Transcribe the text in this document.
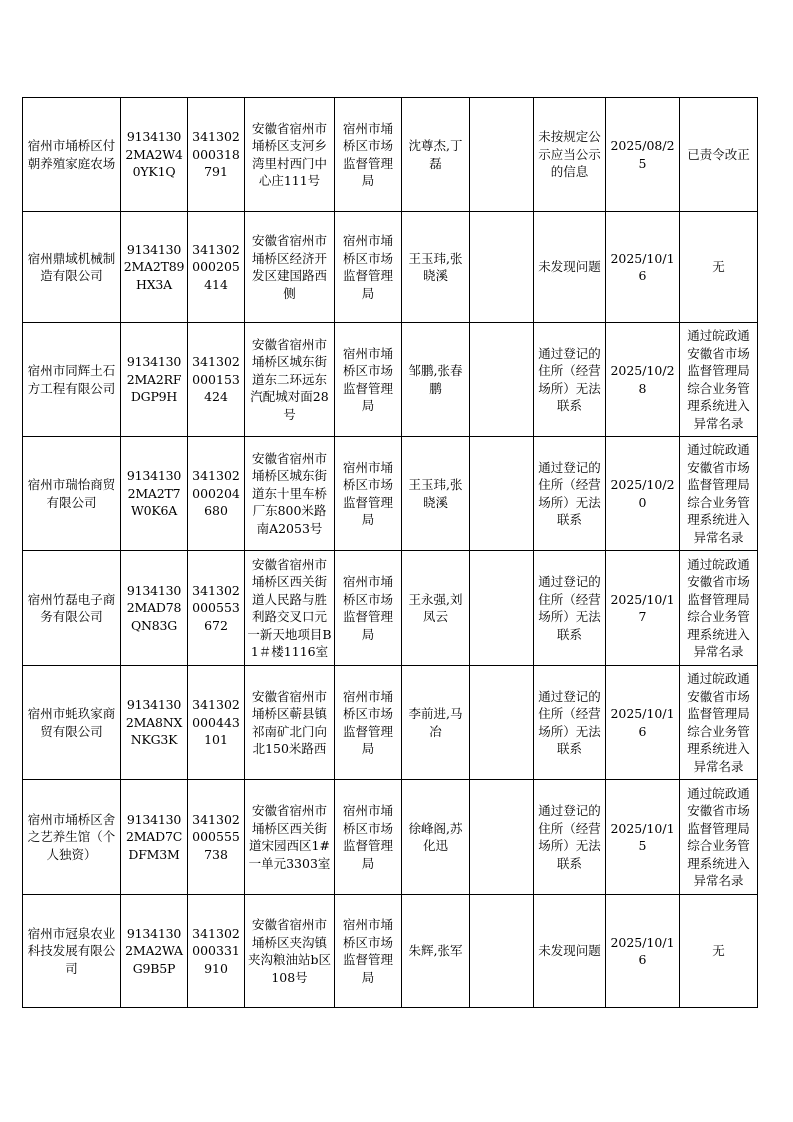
宿州市埇桥区付朝养殖家庭农场	91341302MA2W40YK1Q	341302000318791	安徽省宿州市埇桥区支河乡湾里村西门中心庄111号	宿州市埇桥区市场监督管理局	沈尊杰,丁磊		未按规定公示应当公示的信息	2025/08/25	已责令改正
宿州鼎域机械制造有限公司	91341302MA2T89HX3A	341302000205414	安徽省宿州市埇桥区经济开发区建国路西侧	宿州市埇桥区市场监督管理局	王玉玮,张晓溪		未发现问题	2025/10/16	无
宿州市同辉土石方工程有限公司	91341302MA2RFDGP9H	341302000153424	安徽省宿州市埇桥区城东街道东二环远东汽配城对面28号	宿州市埇桥区市场监督管理局	邹鹏,张春鹏		通过登记的住所（经营场所）无法联系	2025/10/28	通过皖政通安徽省市场监督管理局综合业务管理系统进入异常名录
宿州市瑞怡商贸有限公司	91341302MA2T7W0K6A	341302000204680	安徽省宿州市埇桥区城东街道东十里车桥厂东800米路南A2053号	宿州市埇桥区市场监督管理局	王玉玮,张晓溪		通过登记的住所（经营场所）无法联系	2025/10/20	通过皖政通安徽省市场监督管理局综合业务管理系统进入异常名录
宿州竹磊电子商务有限公司	91341302MAD78QN83G	341302000553672	安徽省宿州市埇桥区西关街道人民路与胜利路交叉口元一新天地项目B1＃楼1116室	宿州市埇桥区市场监督管理局	王永强,刘凤云		通过登记的住所（经营场所）无法联系	2025/10/17	通过皖政通安徽省市场监督管理局综合业务管理系统进入异常名录
宿州市蚝玖家商贸有限公司	91341302MA8NXNKG3K	341302000443101	安徽省宿州市埇桥区蕲县镇祁南矿北门向北150米路西	宿州市埇桥区市场监督管理局	李前进,马冶		通过登记的住所（经营场所）无法联系	2025/10/16	通过皖政通安徽省市场监督管理局综合业务管理系统进入异常名录
宿州市埇桥区舍之艺养生馆（个人独资）	91341302MAD7CDFM3M	341302000555738	安徽省宿州市埇桥区西关街道宋园西区1#一单元3303室	宿州市埇桥区市场监督管理局	徐峰阁,苏化迅		通过登记的住所（经营场所）无法联系	2025/10/15	通过皖政通安徽省市场监督管理局综合业务管理系统进入异常名录
宿州市冠泉农业科技发展有限公司	91341302MA2WAG9B5P	341302000331910	安徽省宿州市埇桥区夹沟镇夹沟粮油站b区108号	宿州市埇桥区市场监督管理局	朱辉,张军		未发现问题	2025/10/16	无
